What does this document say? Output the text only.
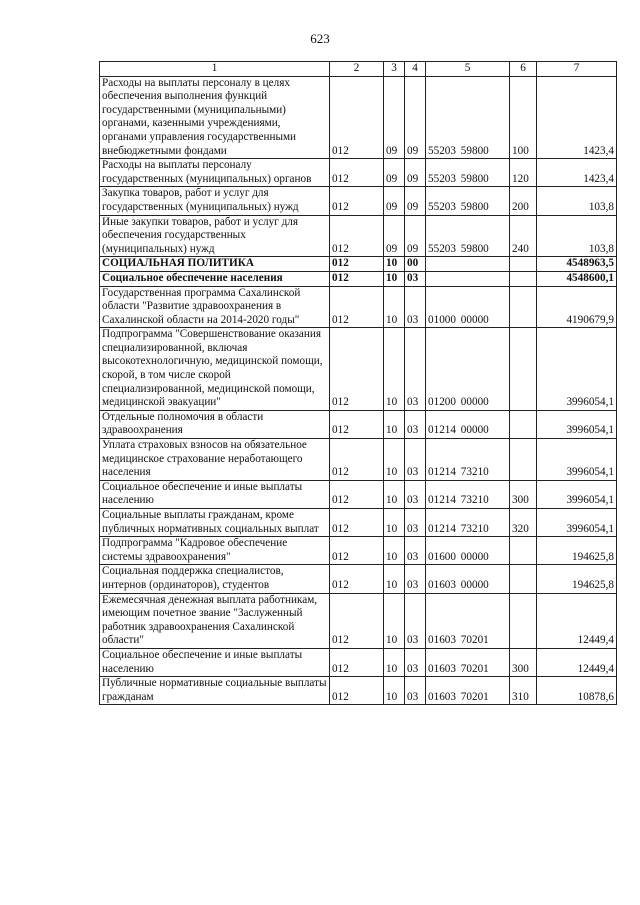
623
1	2	3	4	5	6	7
Расходы на выплаты персоналу в целях обеспечения выполнения функций государственными (муниципальными) органами, казенными учреждениями, органами управления государственными внебюджетными фондами	012	09	09	55203 59800	100	1423,4
Расходы на выплаты персоналу государственных (муниципальных) органов	012	09	09	55203 59800	120	1423,4
Закупка товаров, работ и услуг для государственных (муниципальных) нужд	012	09	09	55203 59800	200	103,8
Иные закупки товаров, работ и услуг для обеспечения государственных (муниципальных) нужд	012	09	09	55203 59800	240	103,8
СОЦИАЛЬНАЯ ПОЛИТИКА	012	10	00			4548963,5
Социальное обеспечение населения	012	10	03			4548600,1
Государственная программа Сахалинской области "Развитие здравоохранения в Сахалинской области на 2014-2020 годы"	012	10	03	01000 00000		4190679,9
Подпрограмма "Совершенствование оказания специализированной, включая высокотехнологичную, медицинской помощи, скорой, в том числе скорой специализированной, медицинской помощи, медицинской эвакуации"	012	10	03	01200 00000		3996054,1
Отдельные полномочия в области здравоохранения	012	10	03	01214 00000		3996054,1
Уплата страховых взносов на обязательное медицинское страхование неработающего населения	012	10	03	01214 73210		3996054,1
Социальное обеспечение и иные выплаты населению	012	10	03	01214 73210	300	3996054,1
Социальные выплаты гражданам, кроме публичных нормативных социальных выплат	012	10	03	01214 73210	320	3996054,1
Подпрограмма "Кадровое обеспечение системы здравоохранения"	012	10	03	01600 00000		194625,8
Социальная поддержка специалистов, интернов (ординаторов), студентов	012	10	03	01603 00000		194625,8
Ежемесячная денежная выплата работникам, имеющим почетное звание "Заслуженный работник здравоохранения Сахалинской области"	012	10	03	01603 70201		12449,4
Социальное обеспечение и иные выплаты населению	012	10	03	01603 70201	300	12449,4
Публичные нормативные социальные выплаты гражданам	012	10	03	01603 70201	310	10878,6
